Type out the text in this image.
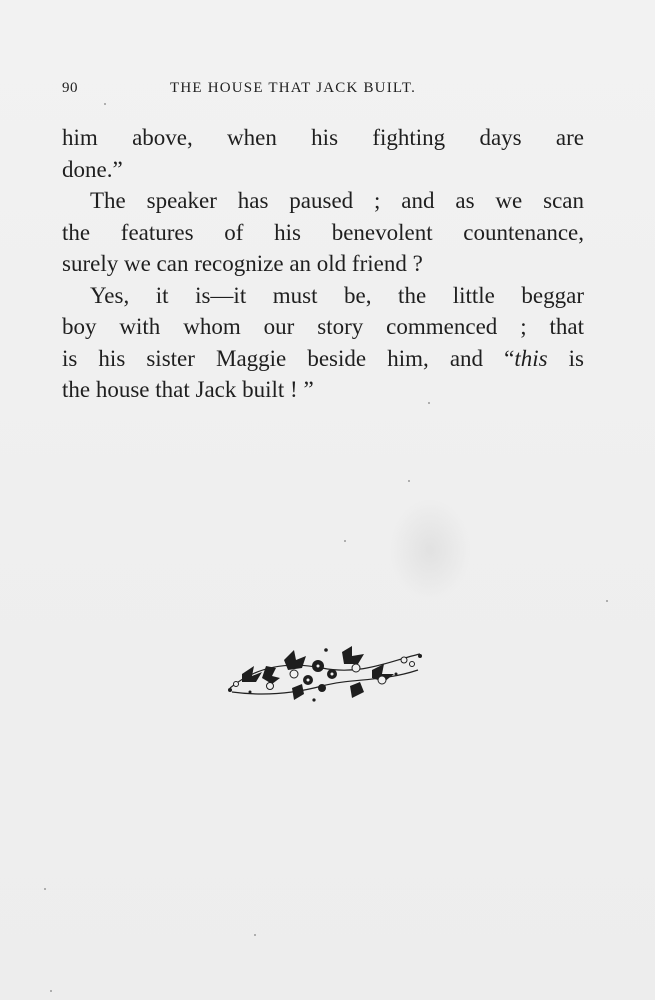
90	THE HOUSE THAT JACK BUILT.
him above, when his fighting days are
done.”
The speaker has paused ; and as we scan
the features of his benevolent countenance,
surely we can recognize an old friend ?
Yes, it is—it must be, the little beggar
boy with whom our story commenced ; that
is his sister Maggie beside him, and “this is
the house that Jack built ! ”
